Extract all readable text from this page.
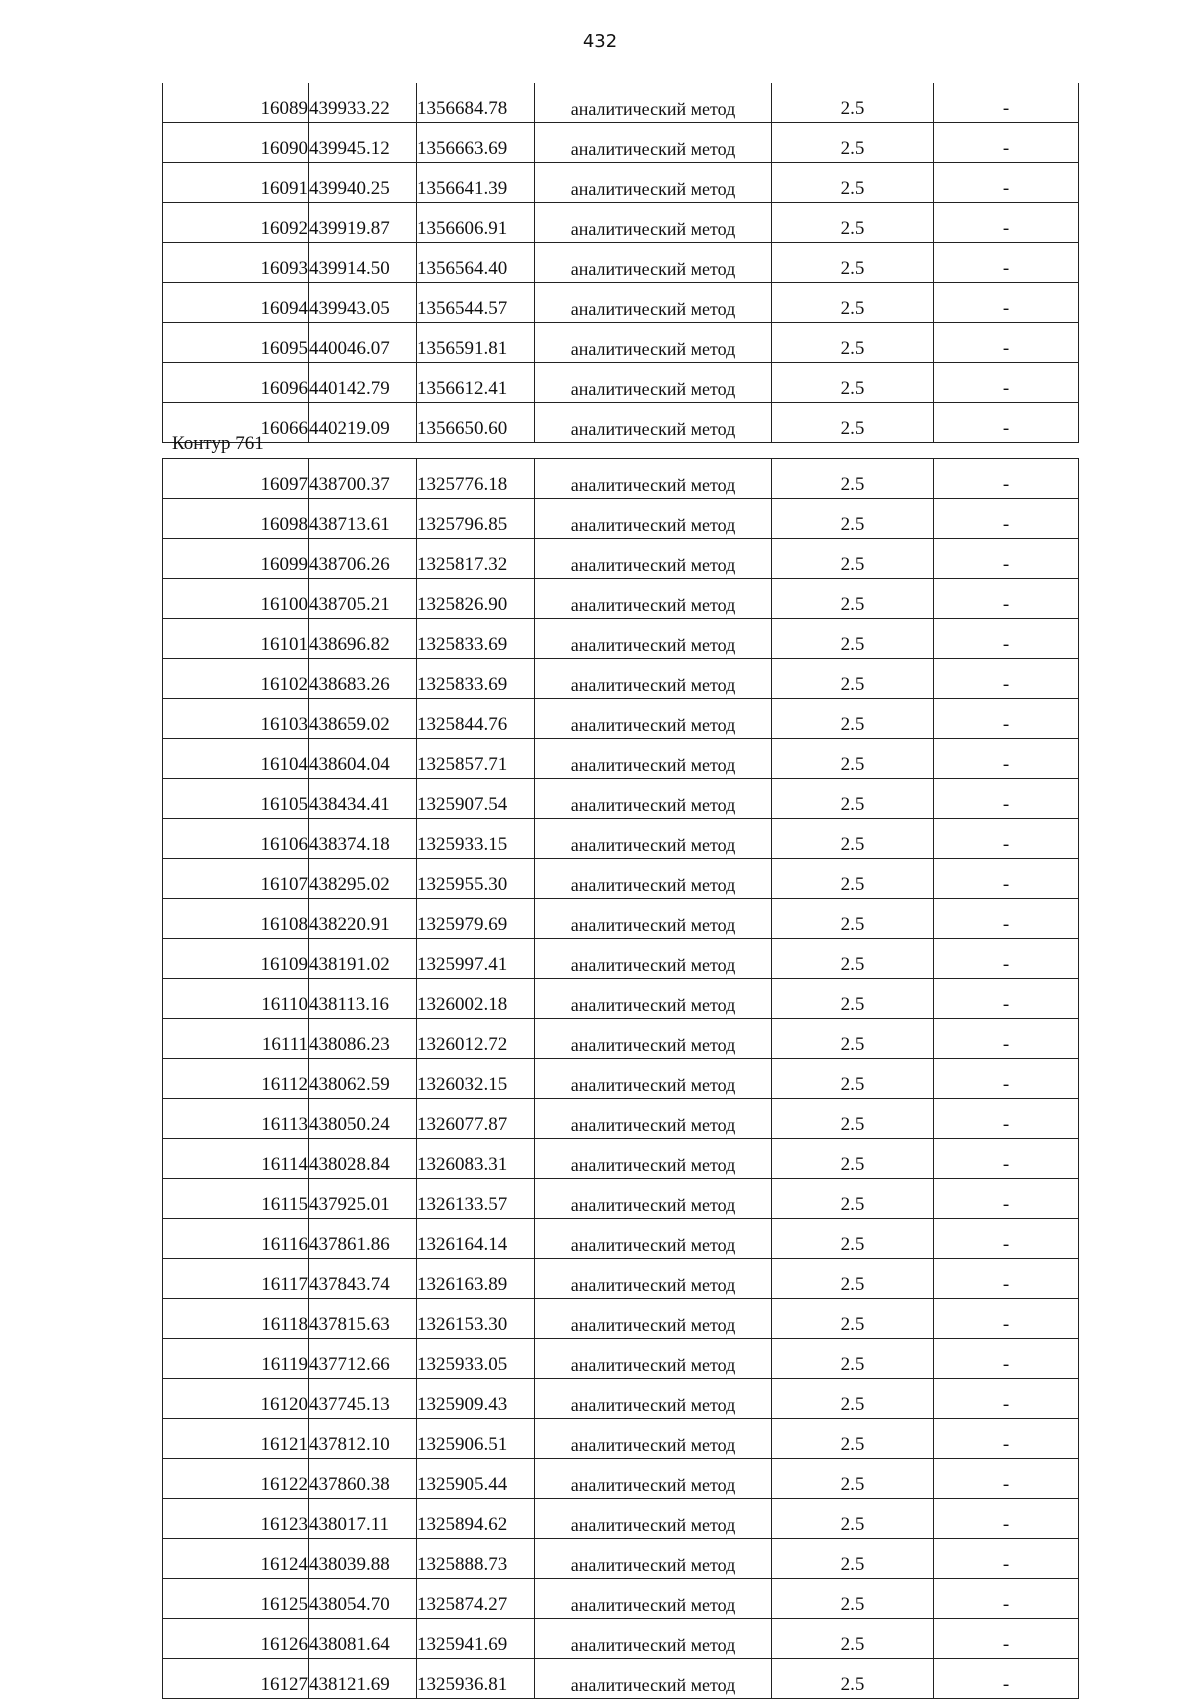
432
16089	439933.22	1356684.78	аналитический метод	2.5	-
16090	439945.12	1356663.69	аналитический метод	2.5	-
16091	439940.25	1356641.39	аналитический метод	2.5	-
16092	439919.87	1356606.91	аналитический метод	2.5	-
16093	439914.50	1356564.40	аналитический метод	2.5	-
16094	439943.05	1356544.57	аналитический метод	2.5	-
16095	440046.07	1356591.81	аналитический метод	2.5	-
16096	440142.79	1356612.41	аналитический метод	2.5	-
16066	440219.09	1356650.60	аналитический метод	2.5	-
Контур 761
16097	438700.37	1325776.18	аналитический метод	2.5	-
16098	438713.61	1325796.85	аналитический метод	2.5	-
16099	438706.26	1325817.32	аналитический метод	2.5	-
16100	438705.21	1325826.90	аналитический метод	2.5	-
16101	438696.82	1325833.69	аналитический метод	2.5	-
16102	438683.26	1325833.69	аналитический метод	2.5	-
16103	438659.02	1325844.76	аналитический метод	2.5	-
16104	438604.04	1325857.71	аналитический метод	2.5	-
16105	438434.41	1325907.54	аналитический метод	2.5	-
16106	438374.18	1325933.15	аналитический метод	2.5	-
16107	438295.02	1325955.30	аналитический метод	2.5	-
16108	438220.91	1325979.69	аналитический метод	2.5	-
16109	438191.02	1325997.41	аналитический метод	2.5	-
16110	438113.16	1326002.18	аналитический метод	2.5	-
16111	438086.23	1326012.72	аналитический метод	2.5	-
16112	438062.59	1326032.15	аналитический метод	2.5	-
16113	438050.24	1326077.87	аналитический метод	2.5	-
16114	438028.84	1326083.31	аналитический метод	2.5	-
16115	437925.01	1326133.57	аналитический метод	2.5	-
16116	437861.86	1326164.14	аналитический метод	2.5	-
16117	437843.74	1326163.89	аналитический метод	2.5	-
16118	437815.63	1326153.30	аналитический метод	2.5	-
16119	437712.66	1325933.05	аналитический метод	2.5	-
16120	437745.13	1325909.43	аналитический метод	2.5	-
16121	437812.10	1325906.51	аналитический метод	2.5	-
16122	437860.38	1325905.44	аналитический метод	2.5	-
16123	438017.11	1325894.62	аналитический метод	2.5	-
16124	438039.88	1325888.73	аналитический метод	2.5	-
16125	438054.70	1325874.27	аналитический метод	2.5	-
16126	438081.64	1325941.69	аналитический метод	2.5	-
16127	438121.69	1325936.81	аналитический метод	2.5	-
